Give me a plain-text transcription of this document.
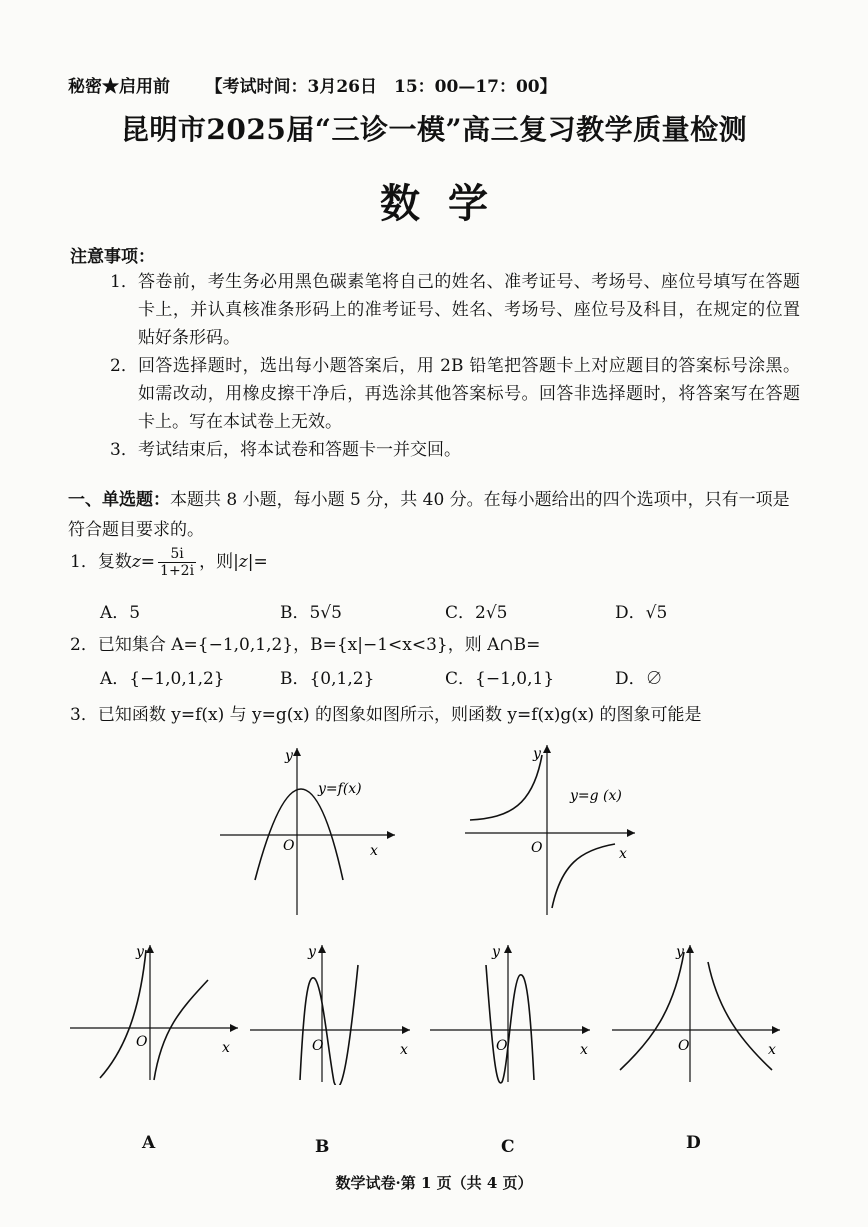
秘密★启用前 【考试时间：3月26日　15：00—17：00】
昆明市2025届“三诊一模”高三复习教学质量检测
数学
注意事项：
1． 答卷前，考生务必用黑色碳素笔将自己的姓名、准考证号、考场号、座位号填写在答题卡上，并认真核准条形码上的准考证号、姓名、考场号、座位号及科目，在规定的位置贴好条形码。
2． 回答选择题时，选出每小题答案后，用 2B 铅笔把答题卡上对应题目的答案标号涂黑。如需改动，用橡皮擦干净后，再选涂其他答案标号。回答非选择题时，将答案写在答题卡上。写在本试卷上无效。
3． 考试结束后，将本试卷和答题卡一并交回。
一、单选题：本题共 8 小题，每小题 5 分，共 40 分。在每小题给出的四个选项中，只有一项是符合题目要求的。
1．复数$z= \frac{5i}{1+2i}$ ，则|z|=
A．5	B．5√5	C．2√5	D．√5
2．已知集合 A={−1,0,1,2}，B={x|−1<x<3}，则 A∩B=
A．{−1,0,1,2}	B．{0,1,2}	C．{−1,0,1}	D．∅
3．已知函数 y=f(x) 与 y=g(x) 的图象如图所示，则函数 y=f(x)g(x) 的图象可能是
y
y=f(x)
O	x
y
y=g (x)
O	x
y
O	x
A
y
O	x
B
y
O	x
C
y
O	x
D
数学试卷·第 1 页（共 4 页）
